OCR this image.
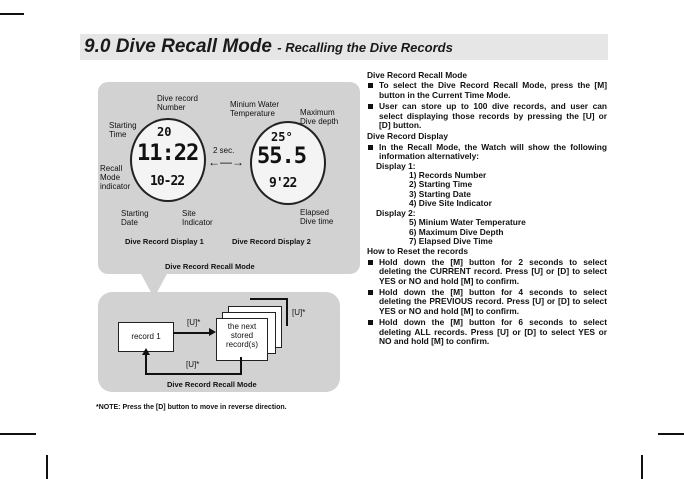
9.0 Dive Recall Mode - Recalling the Dive Records
20
11:22
10-22
Dive record Number
Starting Time
Recall Mode indicator
Starting Date
Site Indicator
Dive Record Display 1
2 sec.
←—→
25°
55.5
9'22
Minium Water Temperature	Maximum Dive depth
Elapsed Dive time
Dive Record Display 2
Dive Record Recall Mode
record 1
the next stored record(s)
[U]*
[U]*
[U]*
Dive Record Recall Mode
*NOTE: Press the [D] button to move in reverse direction.
Dive Record Recall Mode
To select the Dive Record Recall Mode, press the [M] button in the Current Time Mode.
User can store up to 100 dive records, and user can select displaying those records by pressing the [U] or [D] button.
Dive Record Display
In the Recall Mode, the Watch will show the following information alternatively:
Display 1:
1) Records Number
2) Starting Time
3) Starting Date
4) Dive Site Indicator
Display 2:
5) Minium Water Temperature
6) Maximum Dive Depth
7) Elapsed Dive Time
How to Reset the records
Hold down the [M] button for 2 seconds to select deleting the CURRENT record. Press [U] or [D] to select YES or NO and hold [M] to confirm.
Hold down the [M] button for 4 seconds to select deleting the PREVIOUS record. Press [U] or [D] to select YES or NO and hold [M] to confirm.
Hold down the [M] button for 6 seconds to select deleting ALL records. Press [U] or [D] to select YES or NO and hold [M] to confirm.
